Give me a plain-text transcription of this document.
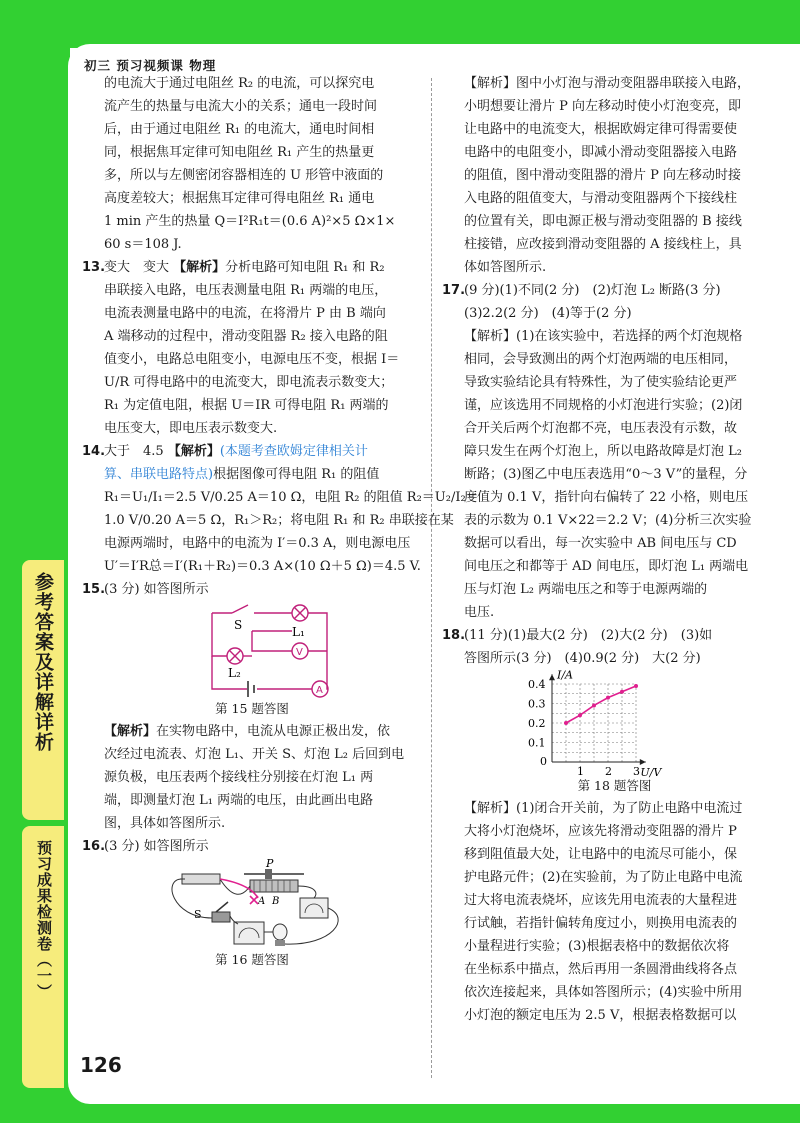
初三 预习视频课 物理
参考答案及详解详析
预习成果检测卷（一）
126

的电流大于通过电阻丝 R₂ 的电流，可以探究电

流产生的热量与电流大小的关系；通电一段时间

后，由于通过电阻丝 R₁ 的电流大，通电时间相

同，根据焦耳定律可知电阻丝 R₁ 产生的热量更

多，所以与左侧密闭容器相连的 U 形管中液面的

高度差较大；根据焦耳定律可得电阻丝 R₁ 通电

1 min 产生的热量 Q＝I²R₁t＝(0.6 A)²×5 Ω×1×

60 s＝108 J.

13.变大　变大 【解析】分析电路可知电阻 R₁ 和 R₂

串联接入电路，电压表测量电阻 R₁ 两端的电压，

电流表测量电路中的电流，在将滑片 P 由 B 端向

A 端移动的过程中，滑动变阻器 R₂ 接入电路的阻

值变小，电路总电阻变小，电源电压不变，根据 I＝

U/R 可得电路中的电流变大，即电流表示数变大；

R₁ 为定值电阻，根据 U＝IR 可得电阻 R₁ 两端的

电压变大，即电压表示数变大.

14.大于　4.5 【解析】(本题考查欧姆定律相关计

算、串联电路特点)根据图像可得电阻 R₁ 的阻值

R₁＝U₁/I₁＝2.5 V/0.25 A＝10 Ω，电阻 R₂ 的阻值 R₂＝U₂/I₂＝

1.0 V/0.20 A＝5 Ω，R₁＞R₂；将电阻 R₁ 和 R₂ 串联接在某

电源两端时，电路中的电流为 I′＝0.3 A，则电源电压

U′＝I′R总＝I′(R₁＋R₂)＝0.3 A×(10 Ω＋5 Ω)＝4.5 V.

15.(3 分) 如答图所示

S	L₁
L₂
V
A

第 15 题答图

【解析】在实物电路中，电流从电源正极出发，依

次经过电流表、灯泡 L₁、开关 S、灯泡 L₂ 后回到电

源负极，电压表两个接线柱分别接在灯泡 L₁ 两

端，即测量灯泡 L₁ 两端的电压，由此画出电路

图，具体如答图所示.

16.(3 分) 如答图所示

P
A B
S

第 16 题答图

【解析】图中小灯泡与滑动变阻器串联接入电路，

小明想要让滑片 P 向左移动时使小灯泡变亮，即

让电路中的电流变大，根据欧姆定律可得需要使

电路中的电阻变小，即减小滑动变阻器接入电路

的阻值，图中滑动变阻器的滑片 P 向左移动时接

入电路的阻值变大，与滑动变阻器两个下接线柱

的位置有关，即电源正极与滑动变阻器的 B 接线

柱接错，应改接到滑动变阻器的 A 接线柱上，具

体如答图所示.

17.(9 分)(1)不同(2 分)　(2)灯泡 L₂ 断路(3 分)

(3)2.2(2 分)　(4)等于(2 分)

【解析】(1)在该实验中，若选择的两个灯泡规格

相同，会导致测出的两个灯泡两端的电压相同，

导致实验结论具有特殊性，为了使实验结论更严

谨，应该选用不同规格的小灯泡进行实验；(2)闭

合开关后两个灯泡都不亮，电压表没有示数，故

障只发生在两个灯泡上，所以电路故障是灯泡 L₂

断路；(3)图乙中电压表选用“0～3 V”的量程，分

度值为 0.1 V，指针向右偏转了 22 小格，则电压

表的示数为 0.1 V×22＝2.2 V；(4)分析三次实验

数据可以看出，每一次实验中 AB 间电压与 CD

间电压之和都等于 AD 间电压，即灯泡 L₁ 两端电

压与灯泡 L₂ 两端电压之和等于电源两端的

电压.

18.(11 分)(1)最大(2 分)　(2)大(2 分)　(3)如

答图所示(3 分)　(4)0.9(2 分)　大(2 分)

1 2 3
0
0.1
0.2
0.3
0.4
I/A
U/V

第 18 题答图

【解析】(1)闭合开关前，为了防止电路中电流过

大将小灯泡烧坏，应该先将滑动变阻器的滑片 P

移到阻值最大处，让电路中的电流尽可能小，保

护电路元件；(2)在实验前，为了防止电路中电流

过大将电流表烧坏，应该先用电流表的大量程进

行试触，若指针偏转角度过小，则换用电流表的

小量程进行实验；(3)根据表格中的数据依次将

在坐标系中描点，然后再用一条圆滑曲线将各点

依次连接起来，具体如答图所示；(4)实验中所用

小灯泡的额定电压为 2.5 V，根据表格数据可以
